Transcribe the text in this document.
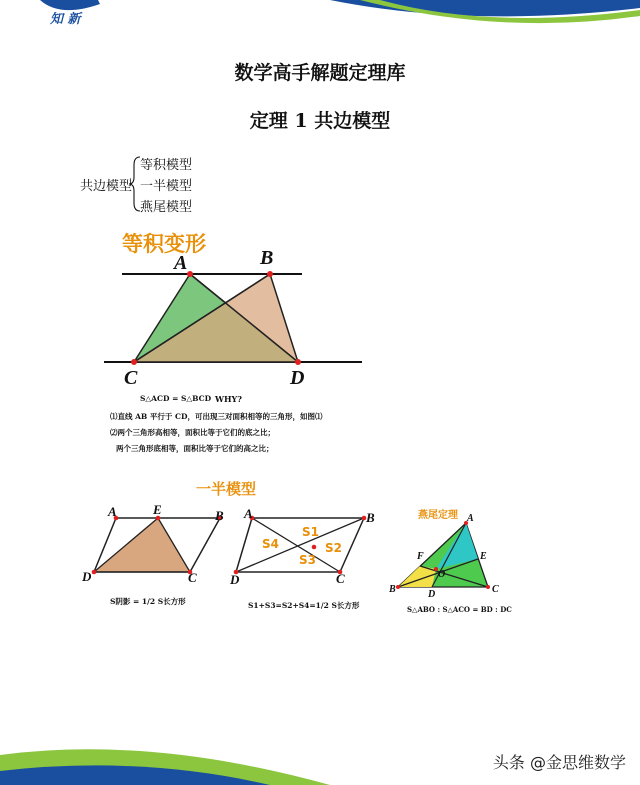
知 新
数学高手解题定理库
定理 1 共边模型
共边模型
等积模型
一半模型
燕尾模型
等积变形
A	B
C	D
S△ACD = S△BCD WHY?
⑴直线 AB 平行于 CD，可出现三对面积相等的三角形，如图⑴
⑵两个三角形高相等，面积比等于它们的底之比；
两个三角形底相等，面积比等于它们的高之比；
一半模型
A	E	B
D	C
S阴影 = 1/2 S长方形
A	B
D	C
S1
S2
S3
S4
S1+S3=S2+S4=1/2 S长方形
燕尾定理 A
F	E
O
B	D	C
S△ABO : S△ACO = BD : DC
头条 @金思维数学
